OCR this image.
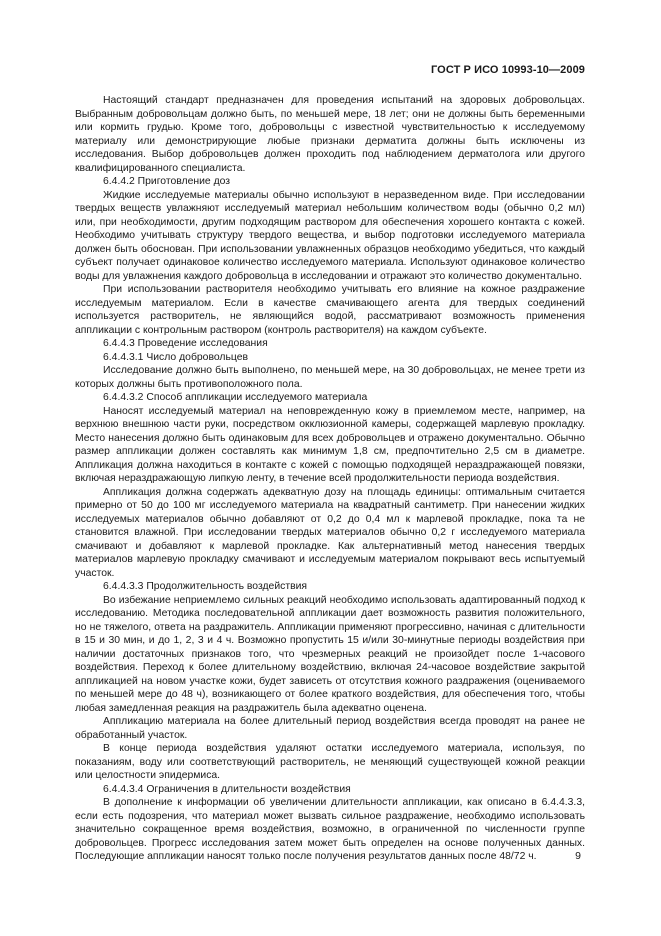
ГОСТ Р ИСО 10993-10—2009

Настоящий стандарт предназначен для проведения испытаний на здоровых добровольцах. Выбранным добровольцам должно быть, по меньшей мере, 18 лет; они не должны быть беременными или кормить грудью. Кроме того, добровольцы с известной чувствительностью к исследуемому материалу или демонстрирующие любые признаки дерматита должны быть исключены из исследования. Выбор добровольцев должен проходить под наблюдением дерматолога или другого квалифицированного специалиста.

6.4.4.2 Приготовление доз

Жидкие исследуемые материалы обычно используют в неразведенном виде. При исследовании твердых веществ увлажняют исследуемый материал небольшим количеством воды (обычно 0,2 мл) или, при необходимости, другим подходящим раствором для обеспечения хорошего контакта с кожей. Необходимо учитывать структуру твердого вещества, и выбор подготовки исследуемого материала должен быть обоснован. При использовании увлажненных образцов необходимо убедиться, что каждый субъект получает одинаковое количество исследуемого материала. Используют одинаковое количество воды для увлажнения каждого добровольца в исследовании и отражают это количество документально.

При использовании растворителя необходимо учитывать его влияние на кожное раздражение исследуемым материалом. Если в качестве смачивающего агента для твердых соединений используется растворитель, не являющийся водой, рассматривают возможность применения аппликации с контрольным раствором (контроль растворителя) на каждом субъекте.

6.4.4.3 Проведение исследования

6.4.4.3.1 Число добровольцев

Исследование должно быть выполнено, по меньшей мере, на 30 добровольцах, не менее трети из которых должны быть противоположного пола.

6.4.4.3.2 Способ аппликации исследуемого материала

Наносят исследуемый материал на неповрежденную кожу в приемлемом месте, например, на верхнюю внешнюю части руки, посредством окклюзионной камеры, содержащей марлевую прокладку. Место нанесения должно быть одинаковым для всех добровольцев и отражено документально. Обычно размер аппликации должен составлять как минимум 1,8 см, предпочтительно 2,5 см в диаметре. Аппликация должна находиться в контакте с кожей с помощью подходящей нераздражающей повязки, включая нераздражающую липкую ленту, в течение всей продолжительности периода воздействия.

Аппликация должна содержать адекватную дозу на площадь единицы: оптимальным считается примерно от 50 до 100 мг исследуемого материала на квадратный сантиметр. При нанесении жидких исследуемых материалов обычно добавляют от 0,2 до 0,4 мл к марлевой прокладке, пока та не становится влажной. При исследовании твердых материалов обычно 0,2 г исследуемого материала смачивают и добавляют к марлевой прокладке. Как альтернативный метод нанесения твердых материалов марлевую прокладку смачивают и исследуемым материалом покрывают весь испытуемый участок.

6.4.4.3.3 Продолжительность воздействия

Во избежание неприемлемо сильных реакций необходимо использовать адаптированный подход к исследованию. Методика последовательной аппликации дает возможность развития положительного, но не тяжелого, ответа на раздражитель. Аппликации применяют прогрессивно, начиная с длительности в 15 и 30 мин, и до 1, 2, 3 и 4 ч. Возможно пропустить 15 и/или 30-минутные периоды воздействия при наличии достаточных признаков того, что чрезмерных реакций не произойдет после 1-часового воздействия. Переход к более длительному воздействию, включая 24-часовое воздействие закрытой аппликацией на новом участке кожи, будет зависеть от отсутствия кожного раздражения (оцениваемого по меньшей мере до 48 ч), возникающего от более краткого воздействия, для обеспечения того, чтобы любая замедленная реакция на раздражитель была адекватно оценена.

Аппликацию материала на более длительный период воздействия всегда проводят на ранее не обработанный участок.

В конце периода воздействия удаляют остатки исследуемого материала, используя, по показаниям, воду или соответствующий растворитель, не меняющий существующей кожной реакции или целостности эпидермиса.

6.4.4.3.4 Ограничения в длительности воздействия

В дополнение к информации об увеличении длительности аппликации, как описано в 6.4.4.3.3, если есть подозрения, что материал может вызвать сильное раздражение, необходимо использовать значительно сокращенное время воздействия, возможно, в ограниченной по численности группе добровольцев. Прогресс исследования затем может быть определен на основе полученных данных. Последующие аппликации наносят только после получения результатов данных после 48/72 ч.	9
